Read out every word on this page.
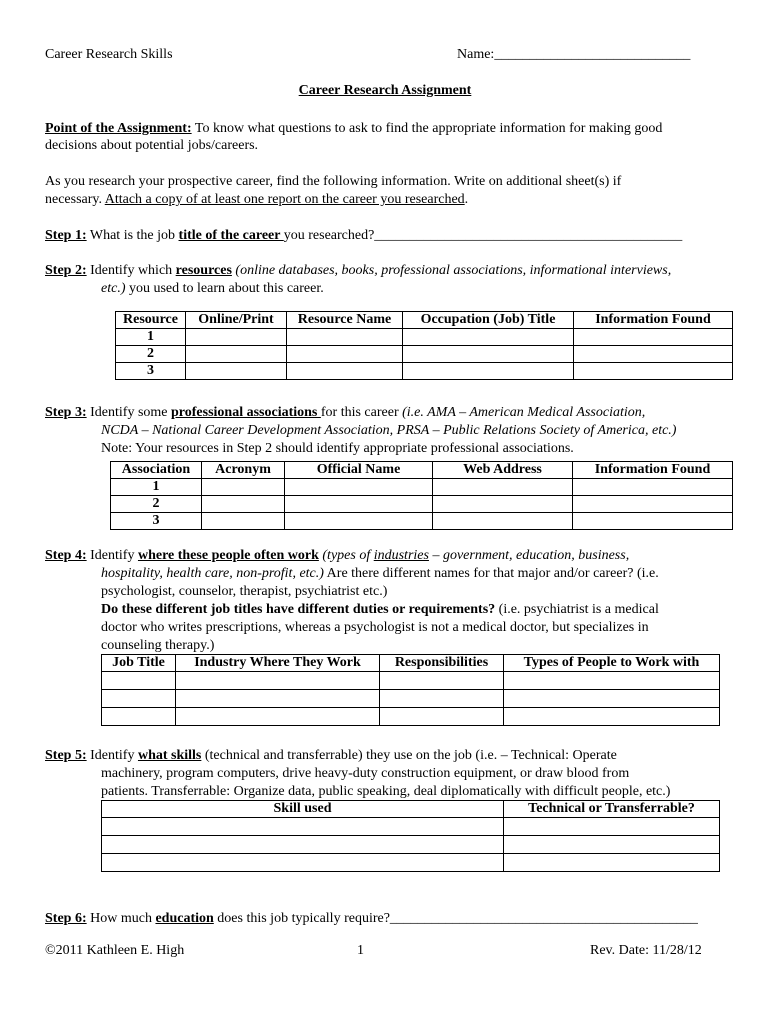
Career Research Skills	Name:____________________________
Career Research Assignment
Point of the Assignment: To know what questions to ask to find the appropriate information for making good
decisions about potential jobs/careers.
As you research your prospective career, find the following information. Write on additional sheet(s) if
necessary. Attach a copy of at least one report on the career you researched.
Step 1: What is the job title of the career you researched?____________________________________________
Step 2: Identify which resources (online databases, books, professional associations, informational interviews,
etc.) you used to learn about this career.
Resource	Online/Print	Resource Name	Occupation (Job) Title	Information Found
1				
2				
3				
Step 3: Identify some professional associations for this career (i.e. AMA – American Medical Association,
NCDA – National Career Development Association, PRSA – Public Relations Society of America, etc.)
Note: Your resources in Step 2 should identify appropriate professional associations.
Association	Acronym	Official Name	Web Address	Information Found
1				
2				
3				
Step 4: Identify where these people often work (types of industries – government, education, business,
hospitality, health care, non-profit, etc.) Are there different names for that major and/or career? (i.e.
psychologist, counselor, therapist, psychiatrist etc.)
Do these different job titles have different duties or requirements? (i.e. psychiatrist is a medical
doctor who writes prescriptions, whereas a psychologist is not a medical doctor, but specializes in
counseling therapy.)
Job Title	Industry Where They Work	Responsibilities	Types of People to Work with

Step 5: Identify what skills (technical and transferrable) they use on the job (i.e. – Technical: Operate
machinery, program computers, drive heavy-duty construction equipment, or draw blood from
patients. Transferrable: Organize data, public speaking, deal diplomatically with difficult people, etc.)
Skill used	Technical or Transferrable?

Step 6: How much education does this job typically require?____________________________________________
©2011 Kathleen E. High	1	Rev. Date: 11/28/12
